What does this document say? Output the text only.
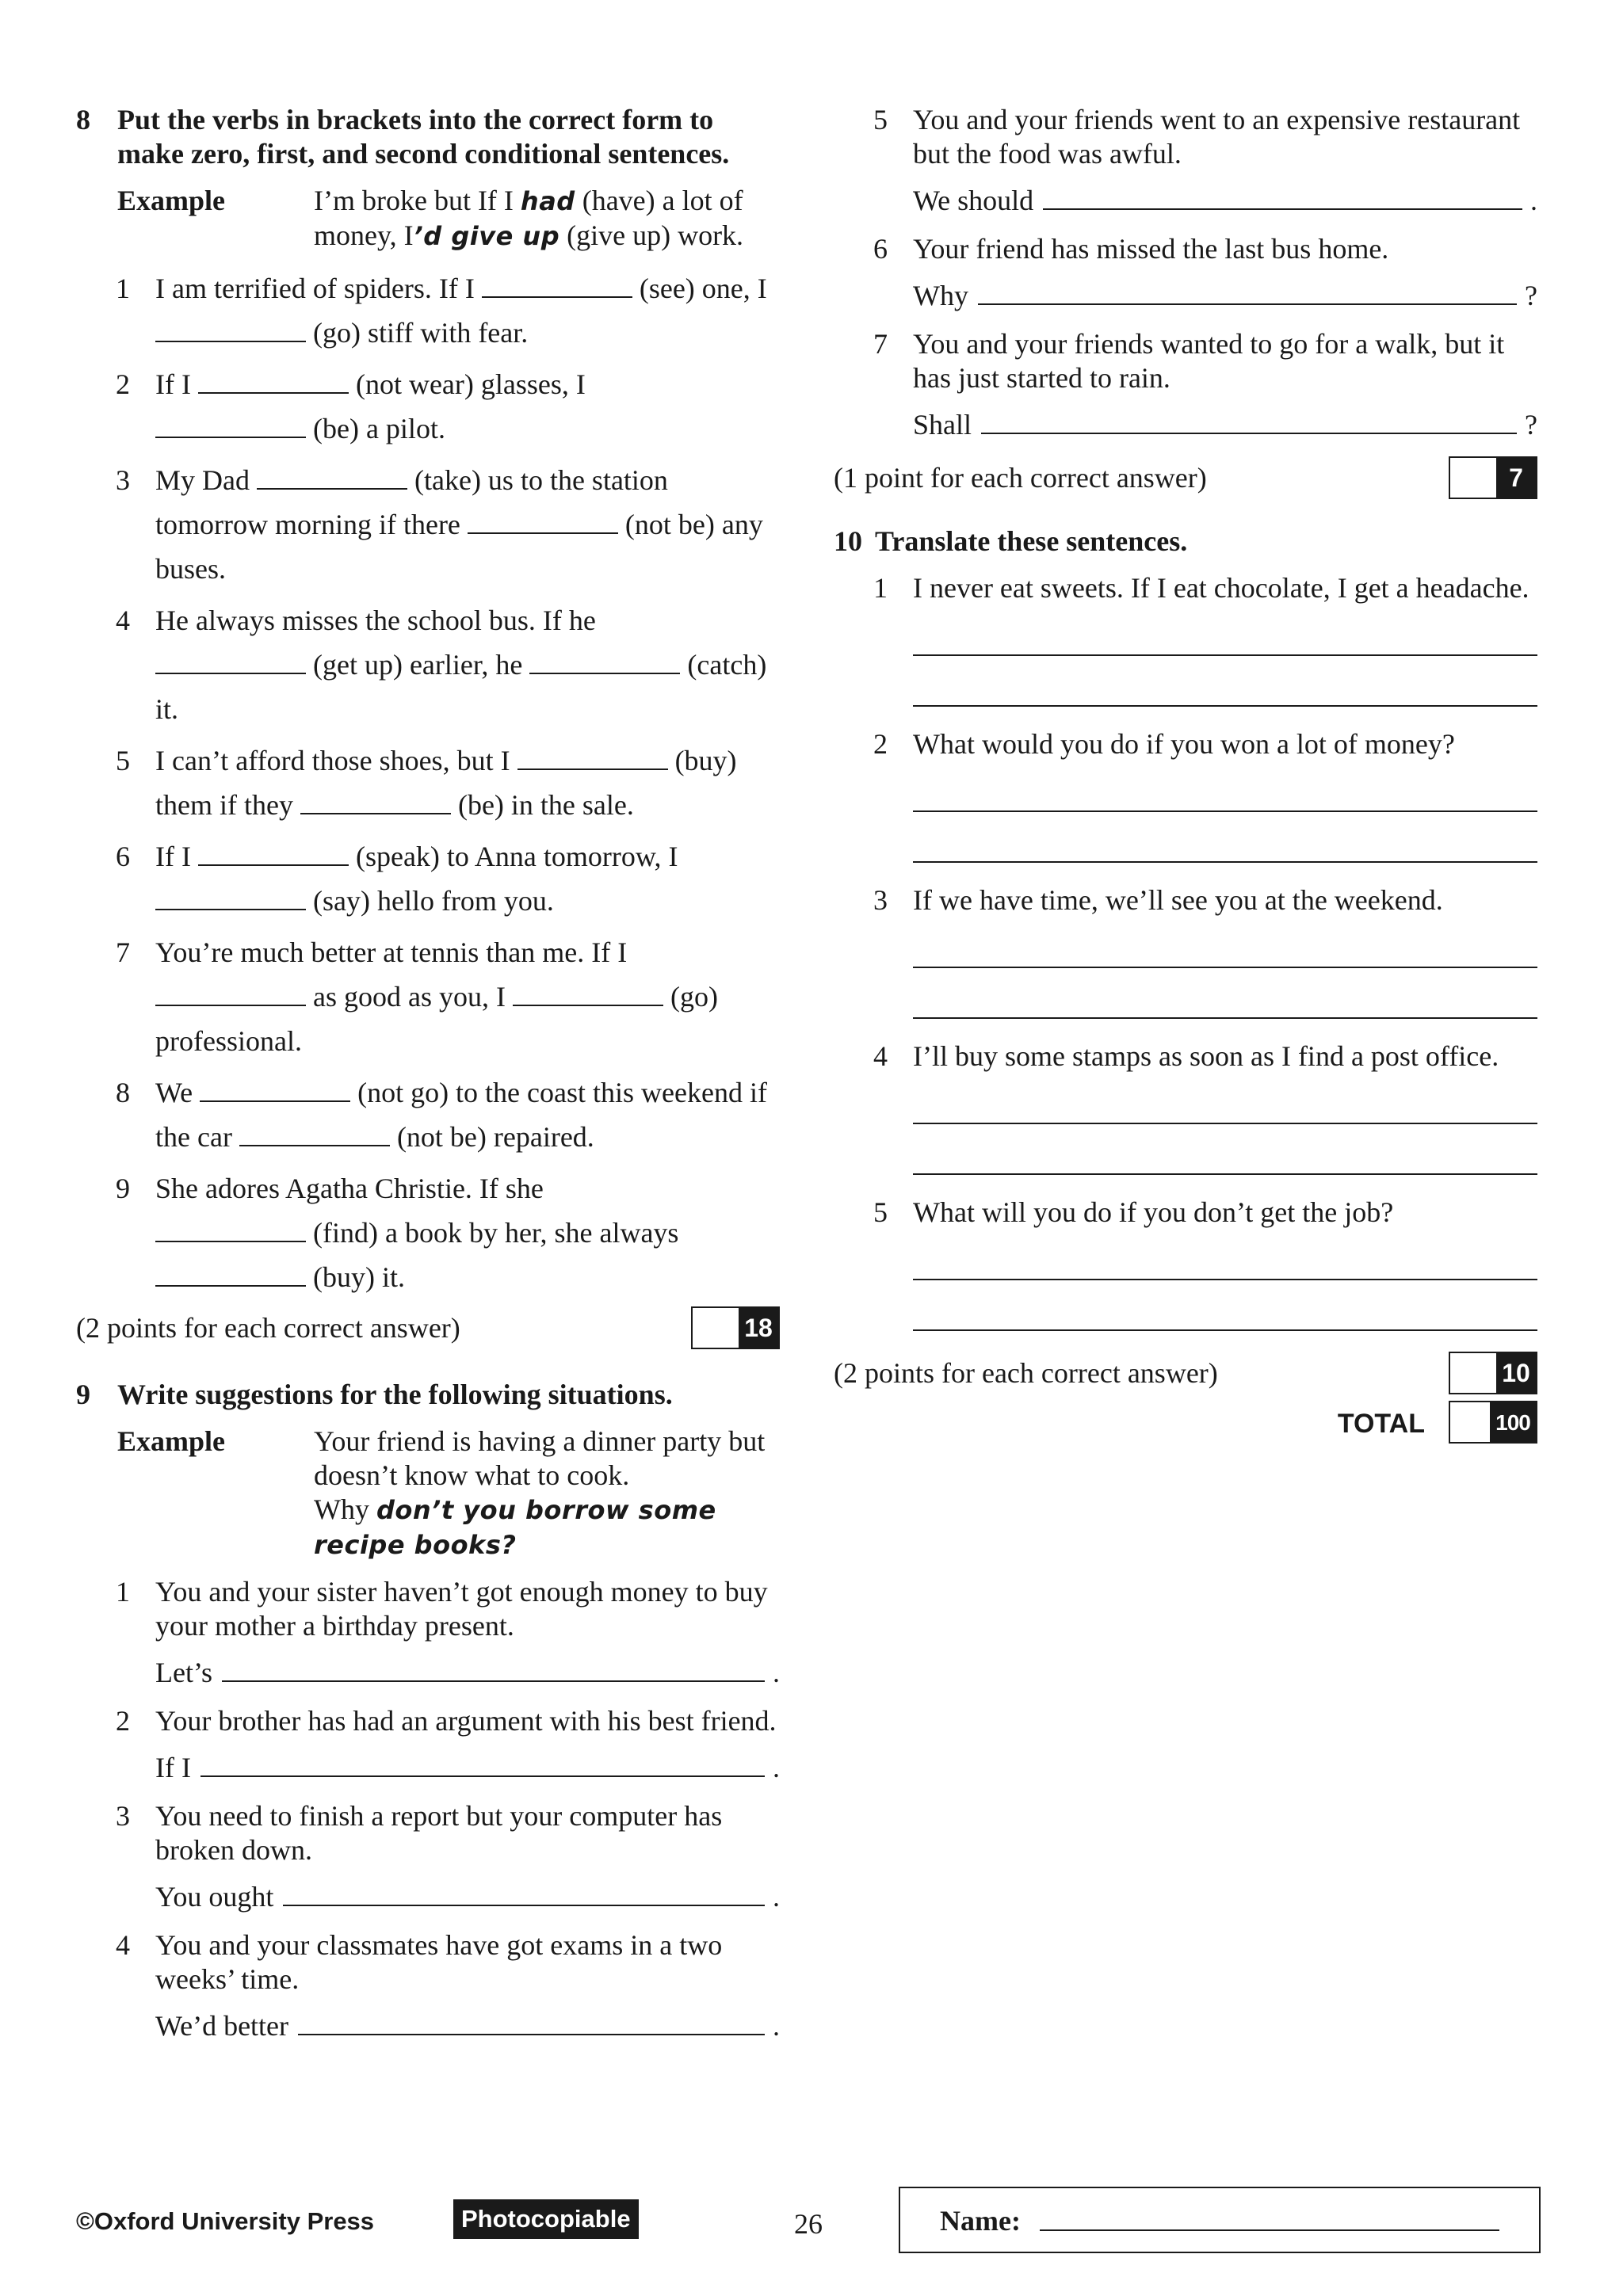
8 Put the verbs in brackets into the correct form to make zero, first, and second conditional sentences.
Example	I’m broke but If I had (have) a lot of money, I’d give up (give up) work.
1 I am terrified of spiders. If I	(see) one, I  (go) stiff with fear.
2 If I	(not wear) glasses, I
(be) a pilot.
3 My Dad	(take) us to the station tomorrow morning if there	(not be) any buses.
4 He always misses the school bus. If he
(get up) earlier, he	(catch) it.
5 I can’t afford those shoes, but I	(buy) them if they	(be) in the sale.
6 If I	(speak) to Anna tomorrow, I
(say) hello from you.
7 You’re much better at tennis than me. If I
as good as you, I	(go) professional.
8 We	(not go) to the coast this weekend if the car	(not be) repaired.
9 She adores Agatha Christie. If she
(find) a book by her, she always
(buy) it.
(2 points for each correct answer)	18
9 Write suggestions for the following situations.
Example	Your friend is having a dinner party but doesn’t know what to cook.
Why don’t you borrow some recipe books?
1 You and your sister haven’t got enough money to buy your mother a birthday present.
Let’s	.
2 Your brother has had an argument with his best friend.
If I	.
3 You need to finish a report but your computer has broken down.
You ought	.
4 You and your classmates have got exams in a two weeks’ time.
We’d better	.
5 You and your friends went to an expensive restaurant but the food was awful.
We should	.
6 Your friend has missed the last bus home.
Why	?
7 You and your friends wanted to go for a walk, but it has just started to rain.
Shall	?
(1 point for each correct answer)	7
10 Translate these sentences.
1 I never eat sweets. If I eat chocolate, I get a headache.
2 What would you do if you won a lot of money?
3 If we have time, we’ll see you at the weekend.
4 I’ll buy some stamps as soon as I find a post office.
5 What will you do if you don’t get the job?
(2 points for each correct answer)	10
TOTAL	100
©Oxford University Press	Photocopiable	26	Name:
